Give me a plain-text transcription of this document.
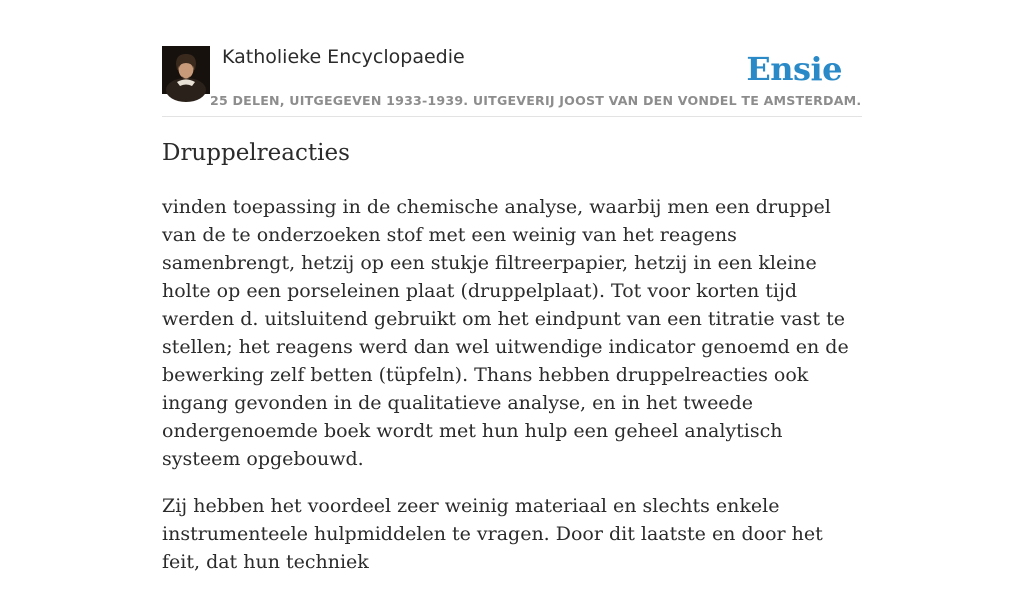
Katholieke Encyclopaedie	Ensie
25 DELEN, UITGEGEVEN 1933-1939. UITGEVERIJ JOOST VAN DEN VONDEL TE AMSTERDAM.
Druppelreacties

vinden toepassing in de chemische analyse, waarbij men een druppel van de te onderzoeken stof met een weinig van het reagens samenbrengt, hetzij op een stukje filtreerpapier, hetzij in een kleine holte op een porseleinen plaat (druppelplaat). Tot voor korten tijd werden d. uitsluitend gebruikt om het eindpunt van een titratie vast te stellen; het reagens werd dan wel uitwendige indicator genoemd en de bewerking zelf betten (tüpfeln). Thans hebben druppelreacties ook ingang gevonden in de qualitatieve analyse, en in het tweede ondergenoemde boek wordt met hun hulp een geheel analytisch systeem opgebouwd.

Zij hebben het voordeel zeer weinig materiaal en slechts enkele instrumenteele hulpmiddelen te vragen. Door dit laatste en door het feit, dat hun techniek
